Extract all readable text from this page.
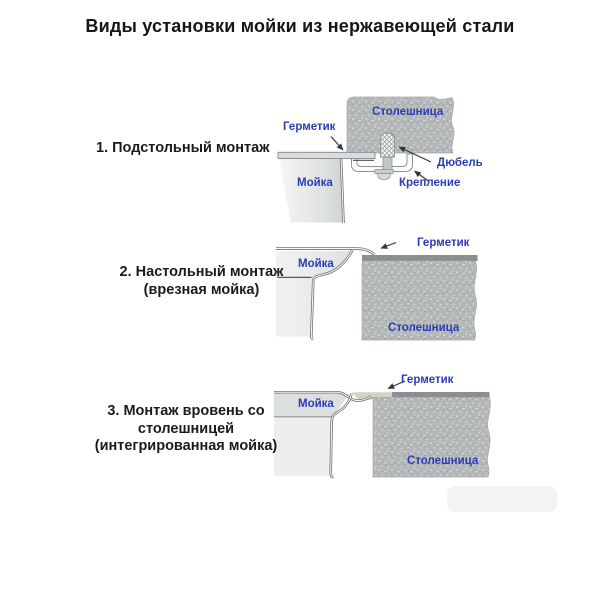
Виды установки мойки из нержавеющей стали
1. Подстольный монтаж
Герметик
Столешница
Мойка
Дюбель
Крепление
2. Настольный монтаж
(врезная мойка)
Мойка
Герметик
Столешница
3. Монтаж вровень со
столешницей
(интегрированная мойка)
Мойка
Герметик
Столешница
